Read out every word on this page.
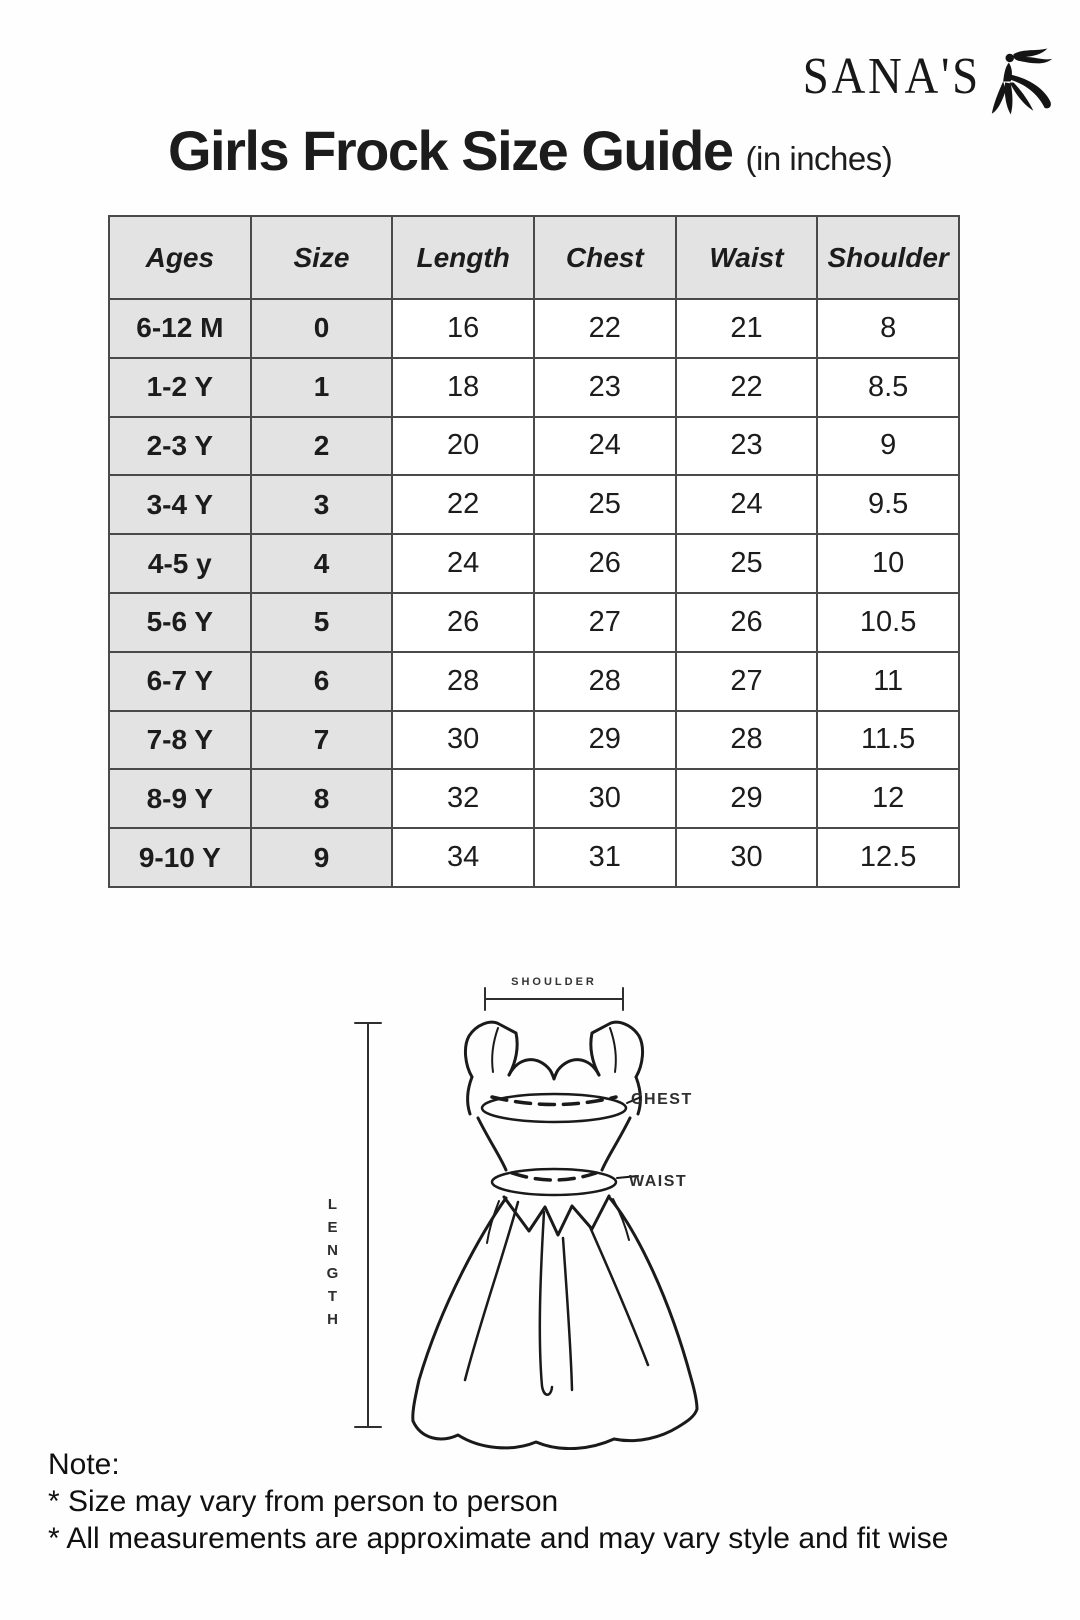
SANA'S
Girls Frock Size Guide (in inches)
Ages	Size	Length	Chest	Waist	Shoulder
6-12 M	0	16	22	21	8
1-2 Y	1	18	23	22	8.5
2-3 Y	2	20	24	23	9
3-4 Y	3	22	25	24	9.5
4-5 y	4	24	26	25	10
5-6 Y	5	26	27	26	10.5
6-7 Y	6	28	28	27	11
7-8 Y	7	30	29	28	11.5
8-9 Y	8	32	30	29	12
9-10 Y	9	34	31	30	12.5
SHOULDER
CHEST
WAIST
LENGTH
Note:
* Size may vary from person to person
* All measurements are approximate and may vary style and fit wise
